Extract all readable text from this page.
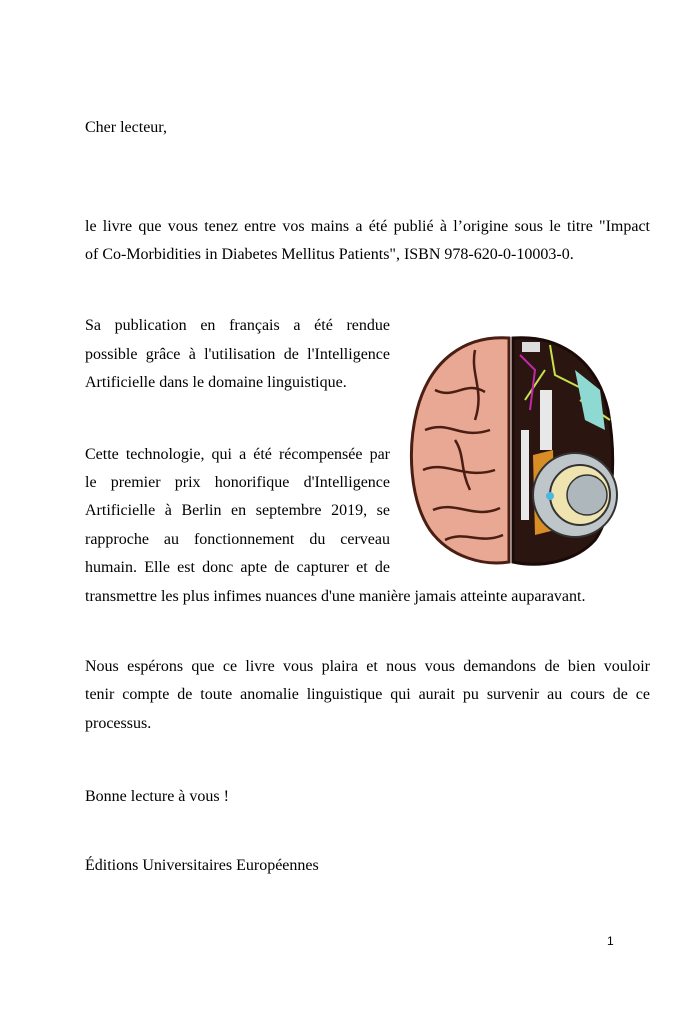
Cher lecteur,
le livre que vous tenez entre vos mains a été publié à l’origine sous le titre "Impact
of Co-Morbidities in Diabetes Mellitus Patients", ISBN 978-620-0-10003-0.
Sa publication en français a été rendue
possible grâce à l'utilisation de l'Intelligence
Artificielle dans le domaine linguistique.
Cette technologie, qui a été récompensée par
le premier prix honorifique d'Intelligence
Artificielle à Berlin en septembre 2019, se
rapproche au fonctionnement du cerveau
humain. Elle est donc apte de capturer et de
transmettre les plus infimes nuances d'une manière jamais atteinte auparavant.
Nous espérons que ce livre vous plaira et nous vous demandons de bien vouloir
tenir compte de toute anomalie linguistique qui aurait pu survenir au cours de ce
processus.
Bonne lecture à vous !
Éditions Universitaires Européennes
1
